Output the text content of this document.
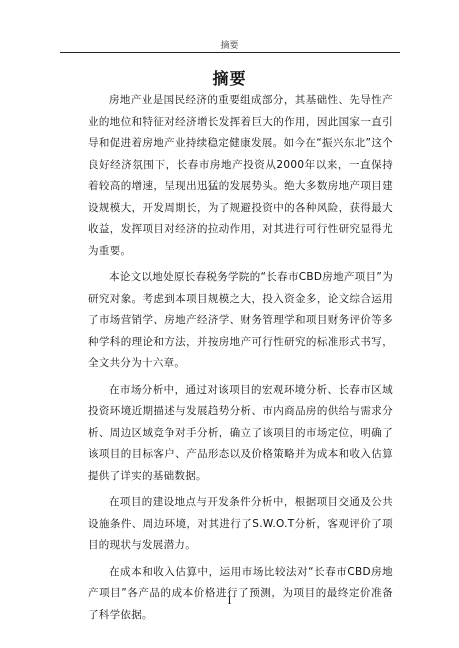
摘要
摘要

房地产业是国民经济的重要组成部分，其基础性、先导性产业的地位和特征对经济增长发挥着巨大的作用，因此国家一直引导和促进着房地产业持续稳定健康发展。如今在“振兴东北”这个良好经济氛围下，长春市房地产投资从2000年以来，一直保持着较高的增速，呈现出迅猛的发展势头。绝大多数房地产项目建设规模大，开发周期长，为了规避投资中的各种风险，获得最大收益，发挥项目对经济的拉动作用，对其进行可行性研究显得尤为重要。

本论文以地处原长春税务学院的“长春市CBD房地产项目”为研究对象。考虑到本项目规模之大，投入资金多，论文综合运用了市场营销学、房地产经济学、财务管理学和项目财务评价等多种学科的理论和方法，并按房地产可行性研究的标准形式书写，全文共分为十六章。

在市场分析中，通过对该项目的宏观环境分析、长春市区域投资环境近期描述与发展趋势分析、市内商品房的供给与需求分析、周边区域竞争对手分析，确立了该项目的市场定位，明确了该项目的目标客户、产品形态以及价格策略并为成本和收入估算提供了详实的基础数据。

在项目的建设地点与开发条件分析中，根据项目交通及公共设施条件、周边环境，对其进行了S.W.O.T分析，客观评价了项目的现状与发展潜力。

在成本和收入估算中，运用市场比较法对“长春市CBD房地产项目”各产品的成本价格进行了预测，为项目的最终定价准备了科学依据。

I
